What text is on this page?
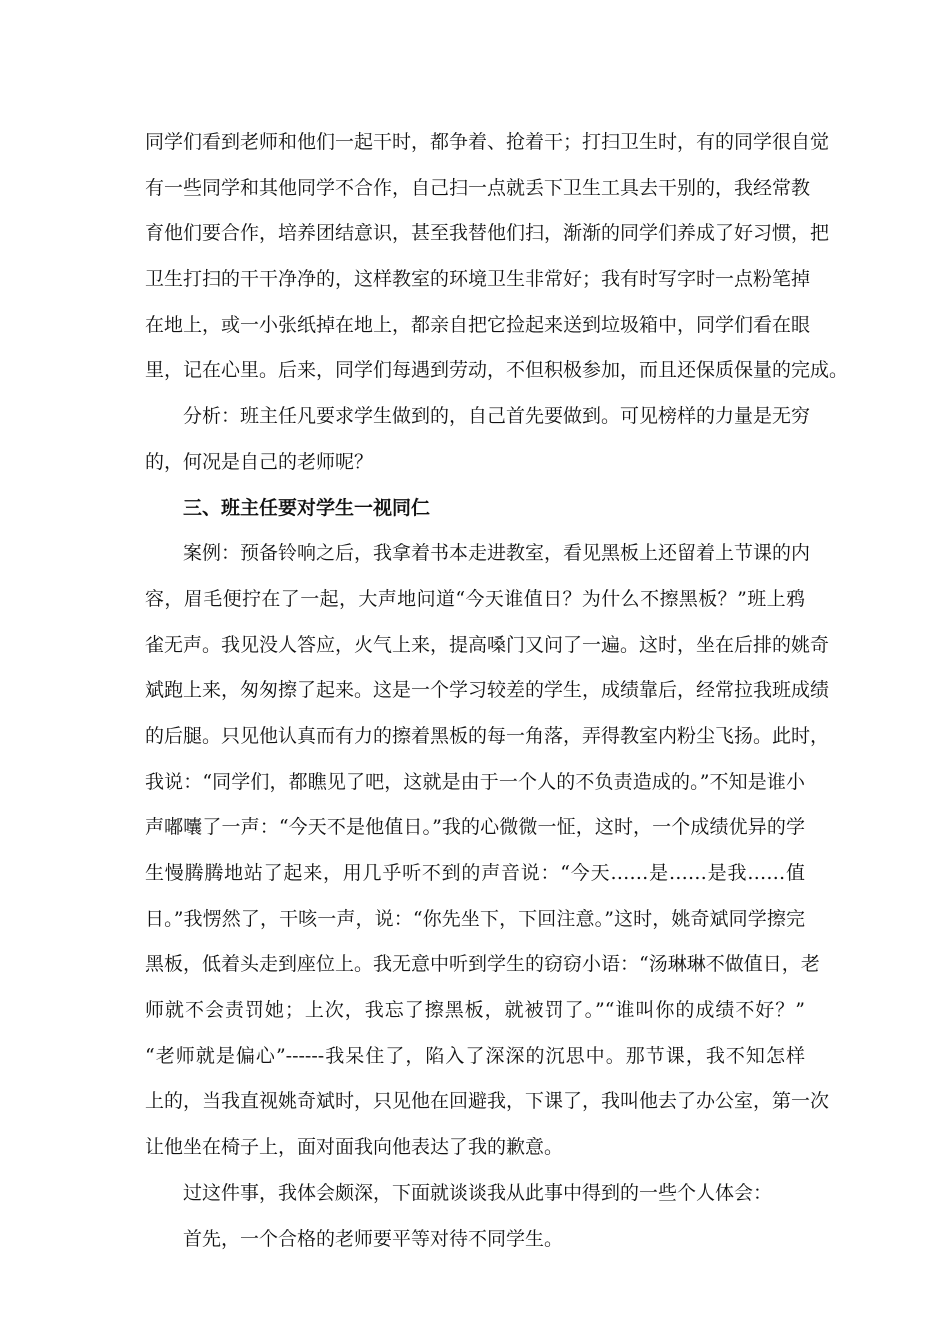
同学们看到老师和他们一起干时，都争着、抢着干；打扫卫生时，有的同学很自觉
有一些同学和其他同学不合作，自己扫一点就丢下卫生工具去干别的，我经常教
育他们要合作，培养团结意识，甚至我替他们扫，渐渐的同学们养成了好习惯，把
卫生打扫的干干净净的，这样教室的环境卫生非常好；我有时写字时一点粉笔掉
在地上，或一小张纸掉在地上，都亲自把它捡起来送到垃圾箱中，同学们看在眼
里，记在心里。后来，同学们每遇到劳动，不但积极参加，而且还保质保量的完成。
分析：班主任凡要求学生做到的，自己首先要做到。可见榜样的力量是无穷
的，何况是自己的老师呢？
三、班主任要对学生一视同仁
案例：预备铃响之后，我拿着书本走进教室，看见黑板上还留着上节课的内
容，眉毛便拧在了一起，大声地问道“今天谁值日？为什么不擦黑板？”班上鸦
雀无声。我见没人答应，火气上来，提高嗓门又问了一遍。这时，坐在后排的姚奇
斌跑上来，匆匆擦了起来。这是一个学习较差的学生，成绩靠后，经常拉我班成绩
的后腿。只见他认真而有力的擦着黑板的每一角落，弄得教室内粉尘飞扬。此时，
我说：“同学们，都瞧见了吧，这就是由于一个人的不负责造成的。”不知是谁小
声嘟囔了一声：“今天不是他值日。”我的心微微一怔，这时，一个成绩优异的学
生慢腾腾地站了起来，用几乎听不到的声音说：“今天……是……是我……值
日。”我愣然了，干咳一声，说：“你先坐下，下回注意。”这时，姚奇斌同学擦完
黑板，低着头走到座位上。我无意中听到学生的窃窃小语：“汤琳琳不做值日，老
师就不会责罚她；上次，我忘了擦黑板，就被罚了。”“谁叫你的成绩不好？”
“老师就是偏心”------我呆住了，陷入了深深的沉思中。那节课，我不知怎样
上的，当我直视姚奇斌时，只见他在回避我，下课了，我叫他去了办公室，第一次
让他坐在椅子上，面对面我向他表达了我的歉意。
过这件事，我体会颇深，下面就谈谈我从此事中得到的一些个人体会：
首先，一个合格的老师要平等对待不同学生。
